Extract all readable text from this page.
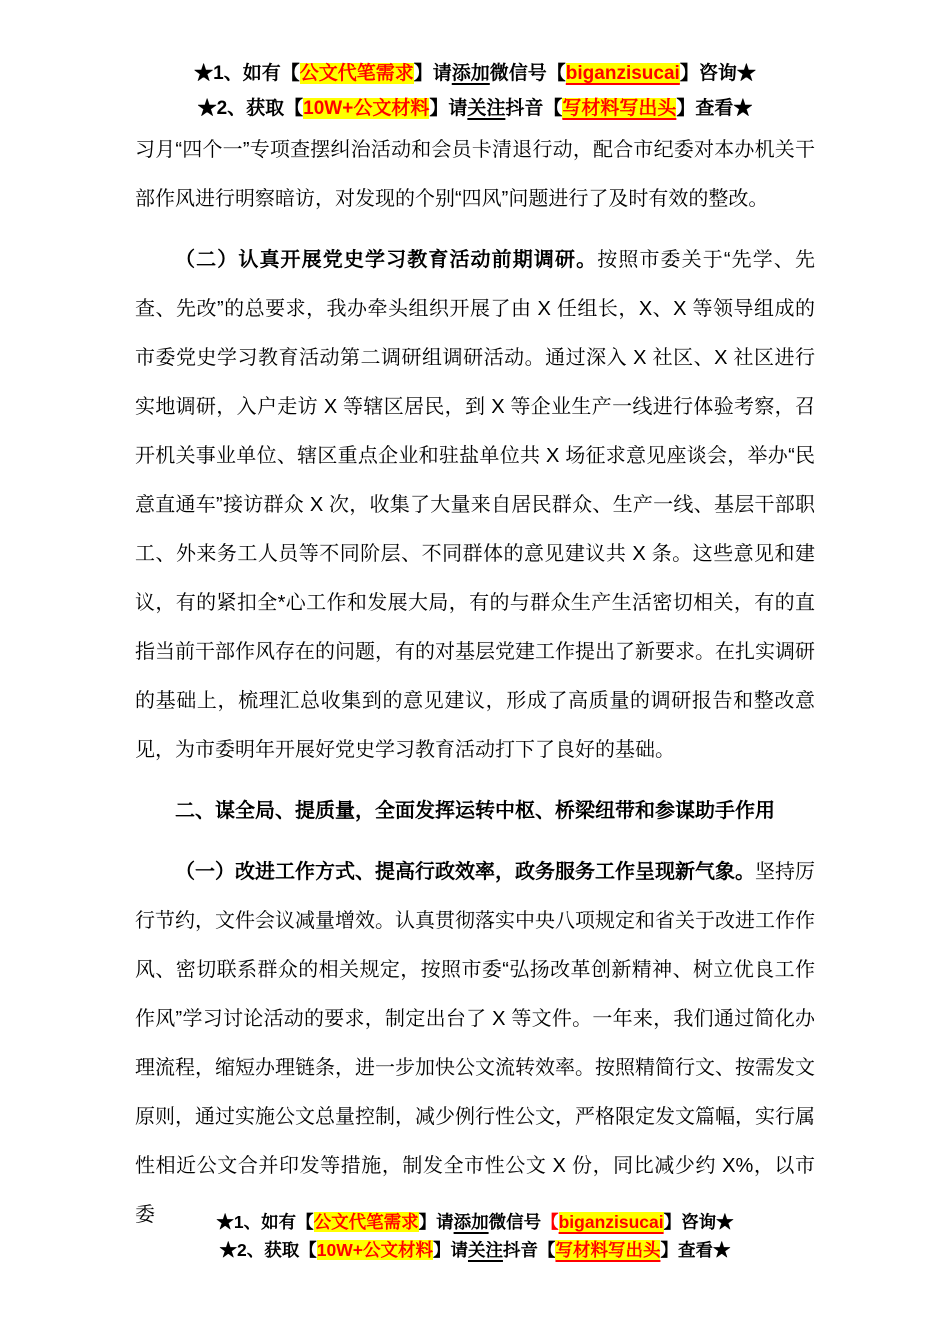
★1、如有【公文代笔需求】请添加微信号【biganzisucai】咨询★
★2、获取【10W+公文材料】请关注抖音【写材料写出头】查看★

习月“四个一”专项查摆纠治活动和会员卡清退行动，配合市纪委对本办机关干部作风进行明察暗访，对发现的个别“四风”问题进行了及时有效的整改。

（二）认真开展党史学习教育活动前期调研。按照市委关于“先学、先查、先改”的总要求，我办牵头组织开展了由 X 任组长，X、X 等领导组成的市委党史学习教育活动第二调研组调研活动。通过深入 X 社区、X 社区进行实地调研，入户走访 X 等辖区居民，到 X 等企业生产一线进行体验考察，召开机关事业单位、辖区重点企业和驻盐单位共 X 场征求意见座谈会，举办“民意直通车”接访群众 X 次，收集了大量来自居民群众、生产一线、基层干部职工、外来务工人员等不同阶层、不同群体的意见建议共 X 条。这些意见和建议，有的紧扣全*心工作和发展大局，有的与群众生产生活密切相关，有的直指当前干部作风存在的问题，有的对基层党建工作提出了新要求。在扎实调研的基础上，梳理汇总收集到的意见建议，形成了高质量的调研报告和整改意见，为市委明年开展好党史学习教育活动打下了良好的基础。

二、谋全局、提质量，全面发挥运转中枢、桥梁纽带和参谋助手作用

（一）改进工作方式、提高行政效率，政务服务工作呈现新气象。坚持厉行节约，文件会议减量增效。认真贯彻落实中央八项规定和省关于改进工作作风、密切联系群众的相关规定，按照市委“弘扬改革创新精神、树立优良工作作风”学习讨论活动的要求，制定出台了 X 等文件。一年来，我们通过简化办理流程，缩短办理链条，进一步加快公文流转效率。按照精简行文、按需发文原则，通过实施公文总量控制，减少例行性公文，严格限定发文篇幅，实行属性相近公文合并印发等措施，制发全市性公文 X 份，同比减少约 X%，以市委	★1、如有【公文代笔需求】请添加微信号【biganzisucai】咨询★
★2、获取【10W+公文材料】请关注抖音【写材料写出头】查看★
